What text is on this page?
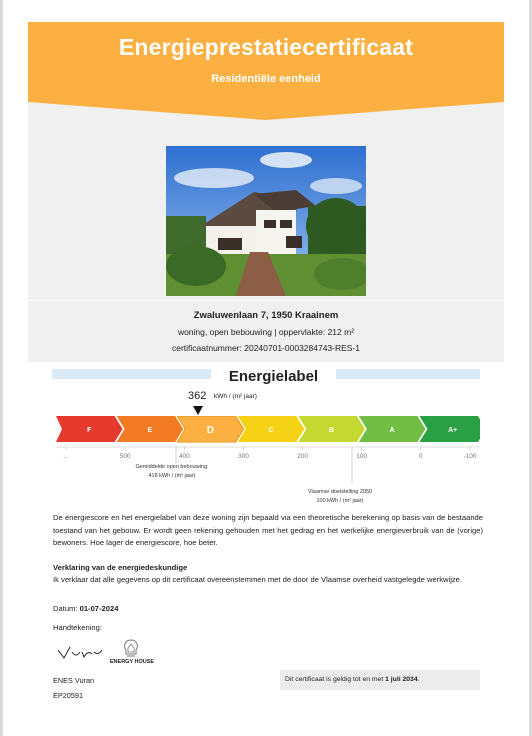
Energieprestatiecertificaat
Residentiële eenheid
Zwaluwenlaan 7, 1950 Kraainem
woning, open bebouwing | oppervlakte: 212 m²
certificaatnummer: 20240701-0003284743-RES-1
Energielabel
362 kWh / (m² jaar)
F	E	D	C	B	A	A+
...	500	400	300	200	100	0	-100
Gemiddelde open bebouwing:
418 kWh / (m² jaar)
Vlaamse doelstelling 2050
100 kWh / (m² jaar)
De energiescore en het energielabel van deze woning zijn bepaald via een theoretische berekening op basis van de bestaande toestand van het gebouw. Er wordt geen rekening gehouden met het gedrag en het werkelijke energieverbruik van de (vorige) bewoners. Hoe lager de energiescore, hoe beter.
Verklaring van de energiedeskundige
Ik verklaar dat alle gegevens op dit certificaat overeenstemmen met de door de Vlaamse overheid vastgelegde werkwijze.
Datum: 01-07-2024
Handtekening:
ENERGY HOUSE
ENES Vuran
EP20591
Dit certificaat is geldig tot en met 1 juli 2034.
